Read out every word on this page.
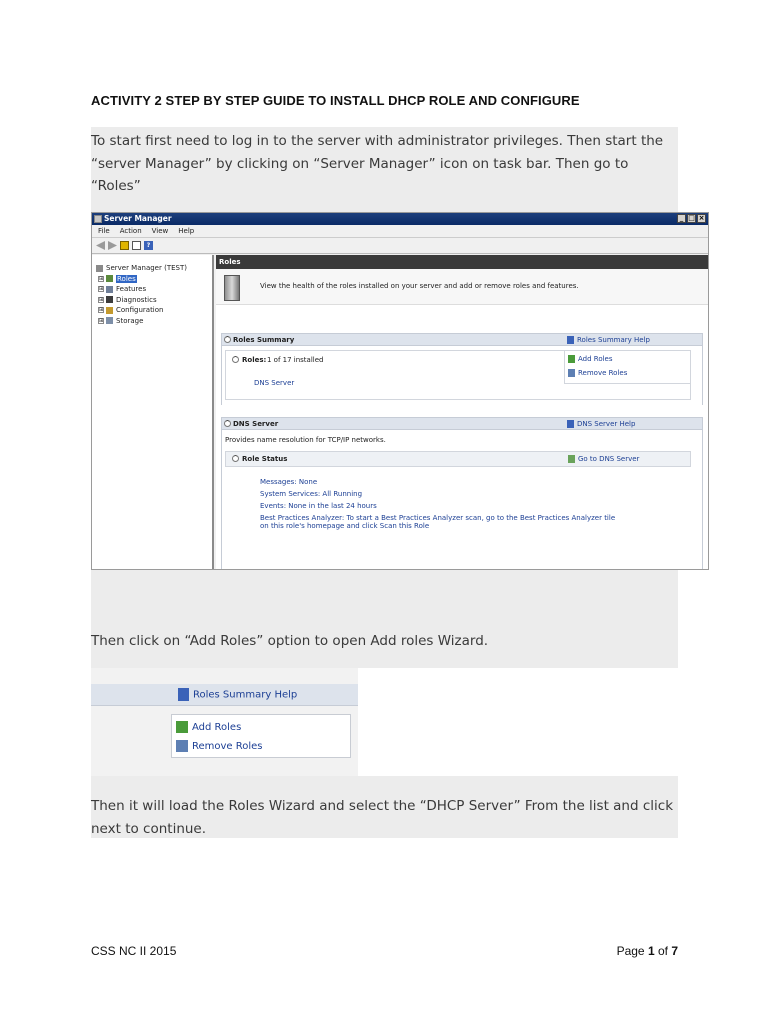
ACTIVITY 2 STEP BY STEP GUIDE TO INSTALL DHCP ROLE AND CONFIGURE
To start first need to log in to the server with administrator privileges. Then start the “server Manager” by clicking on “Server Manager” icon on task bar. Then go to “Roles”
Server Manager	_ □ ×
File Action View Help
?
Server Manager (TEST)
⊞ Roles
⊞ Features
⊞ Diagnostics
⊞ Configuration
⊞ Storage
Roles
View the health of the roles installed on your server and add or remove roles and features.
^ Roles Summary	Roles Summary Help
^ Roles: 1 of 17 installed
DNS Server
Add Roles
Remove Roles
^ DNS Server	DNS Server Help
Provides name resolution for TCP/IP networks.
^ Role Status	Go to DNS Server
Messages: None
System Services: All Running
Events: None in the last 24 hours
Best Practices Analyzer: To start a Best Practices Analyzer scan, go to the Best Practices Analyzer tile
on this role's homepage and click Scan this Role
Then click on “Add Roles” option to open Add roles Wizard.
Roles Summary Help
Add Roles
Remove Roles
Then it will load the Roles Wizard and select the “DHCP Server” From the list and click next to continue.
CSS NC II 2015	Page 1 of 7
